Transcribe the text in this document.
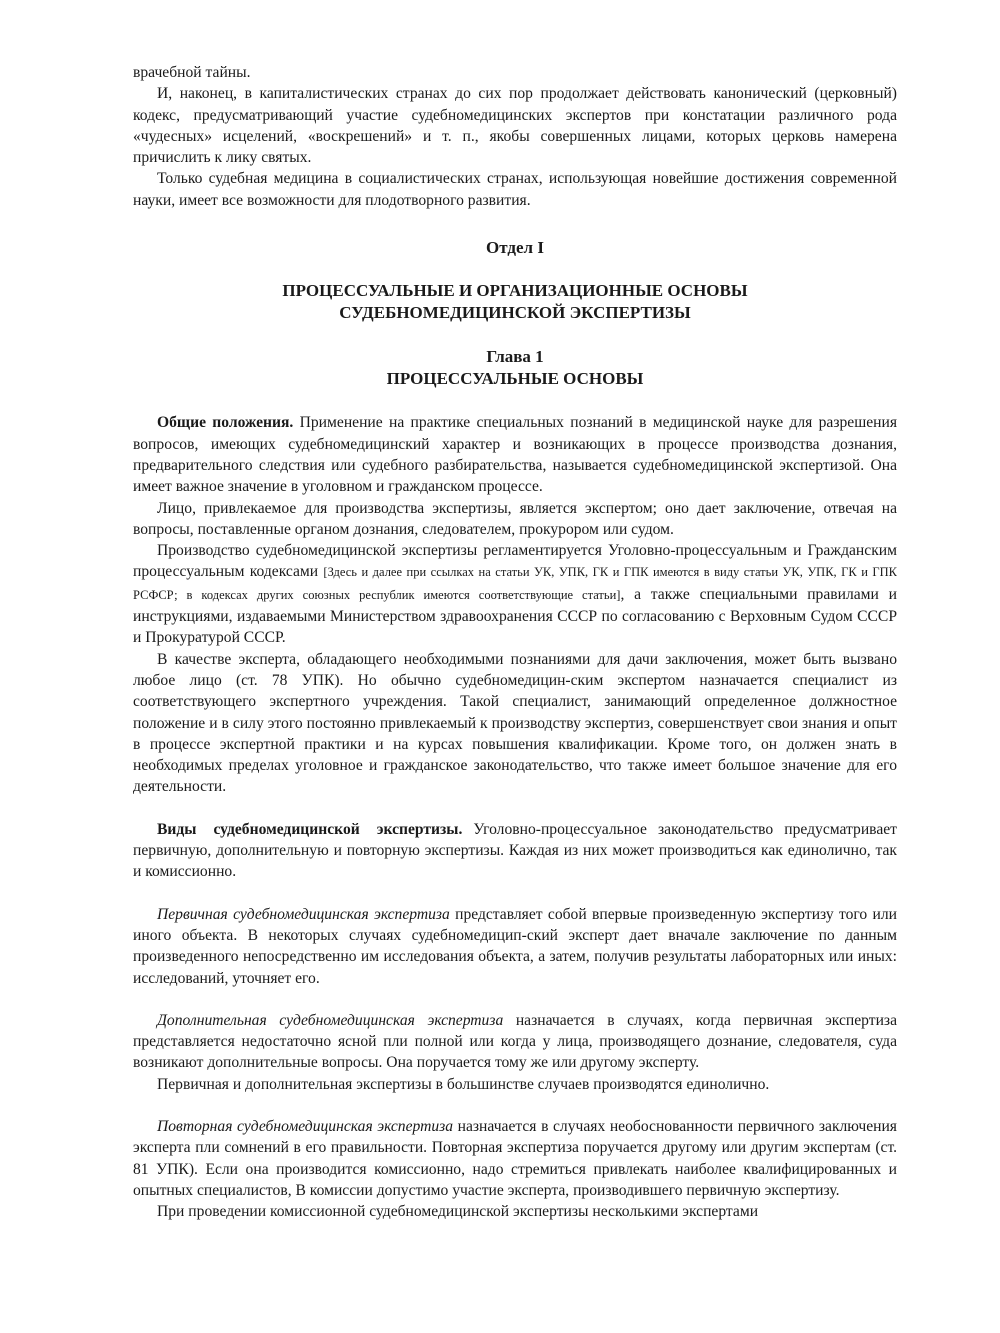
врачебной тайны.

И, наконец, в капиталистических странах до сих пор продолжает действовать канонический (церковный) кодекс, предусматривающий участие судебномедицинских экспертов при констатации различного рода «чудесных» исцелений, «воскрешений» и т. п., якобы совершенных лицами, которых церковь намерена причислить к лику святых.

Только судебная медицина в социалистических странах, использующая новейшие достижения современной науки, имеет все возможности для плодотворного развития.

Отдел I
ПРОЦЕССУАЛЬНЫЕ И ОРГАНИЗАЦИОННЫЕ ОСНОВЫ
СУДЕБНОМЕДИЦИНСКОЙ ЭКСПЕРТИЗЫ
Глава 1
ПРОЦЕССУАЛЬНЫЕ ОСНОВЫ

Общие положения. Применение на практике специальных познаний в медицинской науке для разрешения вопросов, имеющих судебномедицинский характер и возникающих в процессе производства дознания, предварительного следствия или судебного разбирательства, называется судебномедицинской экспертизой. Она имеет важное значение в уголовном и гражданском процессе.

Лицо, привлекаемое для производства экспертизы, является экспертом; оно дает заключение, отвечая на вопросы, поставленные органом дознания, следователем, прокурором или судом.

Производство судебномедицинской экспертизы регламентируется Уголовно-процессуальным и Гражданским процессуальным кодексами [Здесь и далее при ссылках на статьи УК, УПК, ГК и ГПК имеются в виду статьи УК, УПК, ГК и ГПК РСФСР; в кодексах других союзных республик имеются соответствующие статьи], а также специальными правилами и инструкциями, издаваемыми Министерством здравоохранения СССР по согласованию с Верховным Судом СССР и Прокуратурой СССР.

В качестве эксперта, обладающего необходимыми познаниями для дачи заключения, может быть вызвано любое лицо (ст. 78 УПК). Но обычно судебномедицин-ским экспертом назначается специалист из соответствующего экспертного учреждения. Такой специалист, занимающий определенное должностное положение и в силу этого постоянно привлекаемый к производству экспертиз, совершенствует свои знания и опыт в процессе экспертной практики и на курсах повышения квалификации. Кроме того, он должен знать в необходимых пределах уголовное и гражданское законодательство, что также имеет большое значение для его деятельности.

Виды судебномедицинской экспертизы. Уголовно-процессуальное законодательство предусматривает первичную, дополнительную и повторную экспертизы. Каждая из них может производиться как единолично, так и комиссионно.

Первичная судебномедицинская экспертиза представляет собой впервые произведенную экспертизу того или иного объекта. В некоторых случаях судебномедицип-ский эксперт дает вначале заключение по данным произведенного непосредственно им исследования объекта, а затем, получив результаты лабораторных или иных: исследований, уточняет его.

Дополнительная судебномедицинская экспертиза назначается в случаях, когда первичная экспертиза представляется недостаточно ясной пли полной или когда у лица, производящего дознание, следователя, суда возникают дополнительные вопросы. Она поручается тому же или другому эксперту.

Первичная и дополнительная экспертизы в большинстве случаев производятся единолично.

Повторная судебномедицинская экспертиза назначается в случаях необоснованности первичного заключения эксперта пли сомнений в его правильности. Повторная экспертиза поручается другому или другим экспертам (ст. 81 УПК). Если она производится комиссионно, надо стремиться привлекать наиболее квалифицированных и опытных специалистов, В комиссии допустимо участие эксперта, производившего первичную экспертизу.

При проведении комиссионной судебномедицинской экспертизы несколькими экспертами
